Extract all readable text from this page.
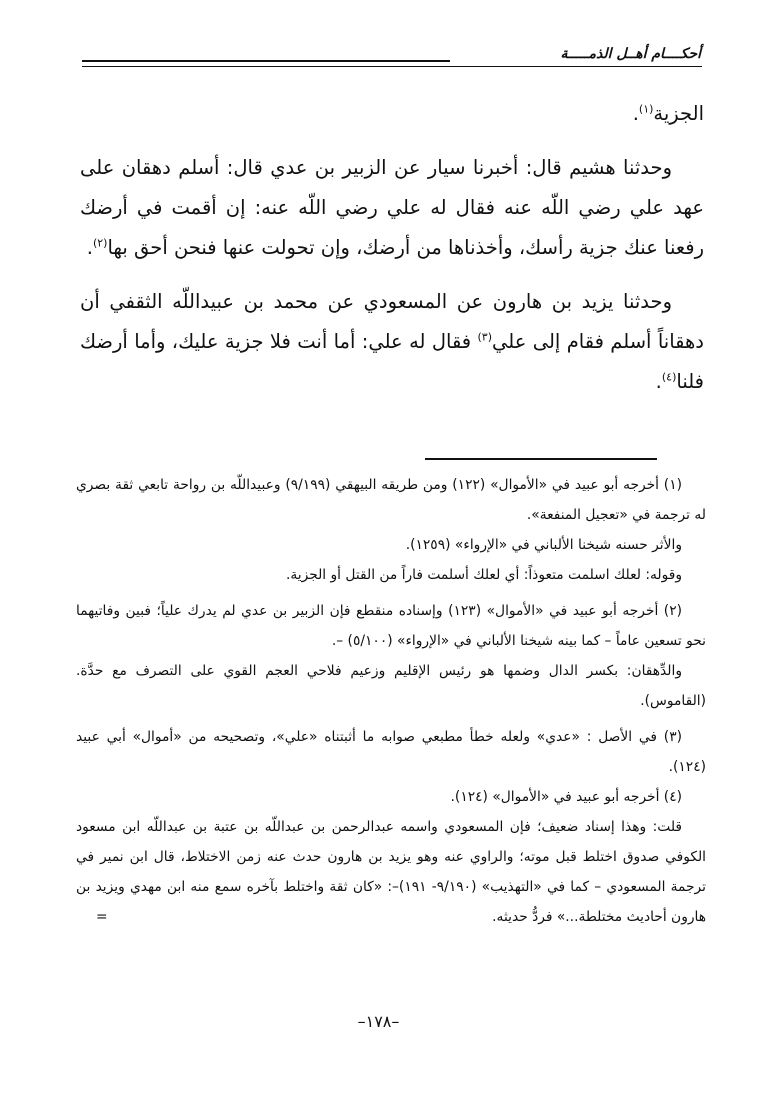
أحكــــام أهــل الذمـــــة

الجزية$^{(١)}$.

وحدثنا هشيم قال: أخبرنا سيار عن الزبير بن عدي قال: أسلم دهقان على عهد علي رضي اللّه عنه فقال له علي رضي اللّه عنه: إن أقمت في أرضك رفعنا عنك جزية رأسك، وأخذناها من أرضك، وإن تحولت عنها فنحن أحق بها$^{(٢)}$.

وحدثنا يزيد بن هارون عن المسعودي عن محمد بن عبيداللّه الثقفي أن دهقاناً أسلم فقام إلى علي$^{(٣)}$ فقال له علي: أما أنت فلا جزية عليك، وأما أرضك فلنا$^{(٤)}$.

(١) أخرجه أبو عبيد في «الأموال» (١٢٢) ومن طريقه البيهقي (٩/١٩٩) وعبيداللّه بن رواحة تابعي ثقة بصري له ترجمة في «تعجيل المنفعة».

والأثر حسنه شيخنا الألباني في «الإرواء» (١٢٥٩).

وقوله: لعلك اسلمت متعوذاً: أي لعلك أسلمت فاراً من القتل أو الجزية.

(٢) أخرجه أبو عبيد في «الأموال» (١٢٣) وإسناده منقطع فإن الزبير بن عدي لم يدرك علياً؛ فبين وفاتيهما نحو تسعين عاماً – كما بينه شيخنا الألباني في «الإرواء» (٥/١٠٠) –.

والدِّهقان: بكسر الدال وضمها هو رئيس الإقليم وزعيم فلاحي العجم القوي على التصرف مع حدَّة. (القاموس).

(٣) في الأصل : «عدي» ولعله خطأ مطبعي صوابه ما أثبتناه «علي»، وتصحيحه من «أموال» أبي عبيد (١٢٤).

(٤) أخرجه أبو عبيد في «الأموال» (١٢٤).

قلت: وهذا إسناد ضعيف؛ فإن المسعودي واسمه عبدالرحمن بن عبداللّه بن عتبة بن عبداللّه ابن مسعود الكوفي صدوق اختلط قبل موته؛ والراوي عنه وهو يزيد بن هارون حدث عنه زمن الاختلاط، قال ابن نمير في ترجمة المسعودي – كما في «التهذيب» (٩/١٩٠- ١٩١)–: «كان ثقة واختلط بآخره سمع منه ابن مهدي ويزيد بن هارون أحاديث مختلطة...» فردُّ حديثه.
=

–١٧٨–
